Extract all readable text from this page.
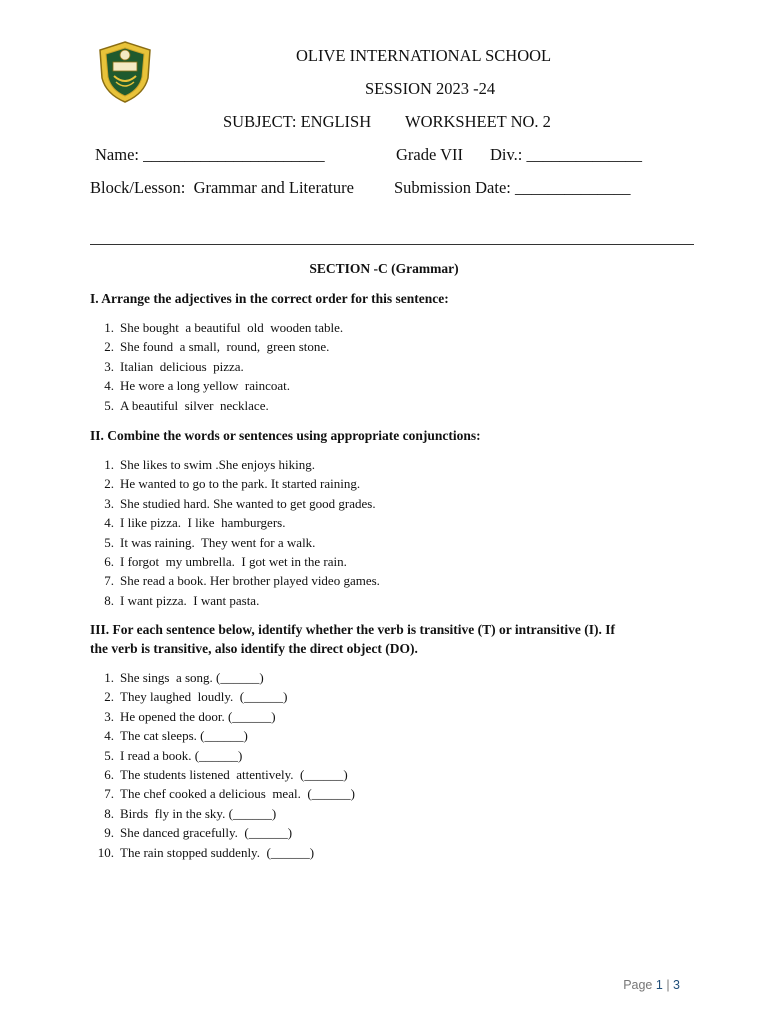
OLIVE INTERNATIONAL SCHOOL
SESSION 2023 -24
SUBJECT: ENGLISH WORKSHEET NO. 2
Name: ______________________	Grade VII Div.: ______________
Block/Lesson:  Grammar and Literature Submission Date: ______________
SECTION -C (Grammar)
I. Arrange the adjectives in the correct order for this sentence:
1. She bought  a beautiful  old  wooden table.
2. She found  a small,  round,  green stone.
3. Italian  delicious  pizza.
4. He wore a long yellow  raincoat.
5. A beautiful  silver  necklace.
II. Combine the words or sentences using appropriate conjunctions:
1. She likes to swim .She enjoys hiking.
2. He wanted to go to the park. It started raining.
3. She studied hard. She wanted to get good grades.
4. I like pizza.  I like  hamburgers.
5. It was raining.  They went for a walk.
6. I forgot  my umbrella.  I got wet in the rain.
7. She read a book. Her brother played video games.
8. I want pizza.  I want pasta.
III. For each sentence below, identify whether the verb is transitive (T) or intransitive (I). If
the verb is transitive, also identify the direct object (DO).
1. She sings  a song. (______)
2. They laughed  loudly.  (______)
3. He opened the door. (______)
4. The cat sleeps. (______)
5. I read a book. (______)
6. The students listened  attentively.  (______)
7. The chef cooked a delicious  meal.  (______)
8. Birds  fly in the sky. (______)
9. She danced gracefully.  (______)
10. The rain stopped suddenly.  (______)
Page 1 | 3
